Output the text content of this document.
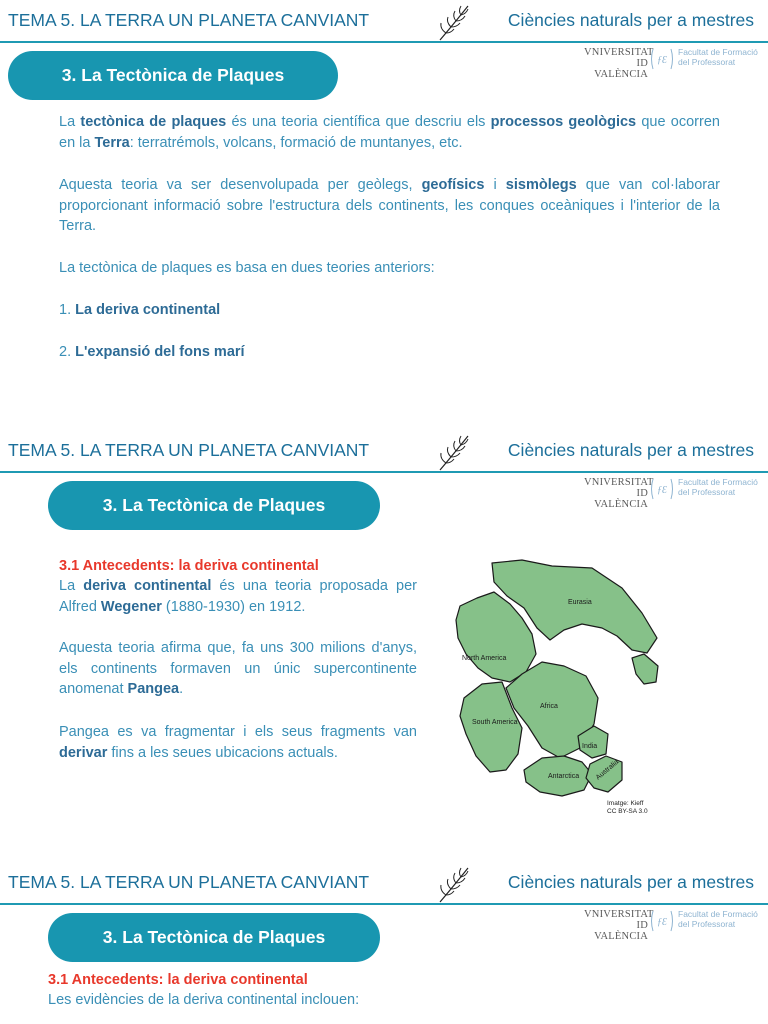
TEMA 5. LA TERRA UN PLANETA CANVIANT	Ciències naturals per a mestres
VNIVERSITAT
ID VALÈNCIA
ƒƐ
Facultat de Formació
del Professorat
3. La Tectònica de Plaques

La tectònica de plaques és una teoria científica que descriu els processos geològics que ocorren en la Terra: terratrémols, volcans, formació de muntanyes, etc.

Aquesta teoria va ser desenvolupada per geòlegs, geofísics i sismòlegs que van col·laborar proporcionant informació sobre l'estructura dels continents, les conques oceàniques i l'interior de la Terra.

La tectònica de plaques es basa en dues teories anteriors:

1. La deriva continental

2. L'expansió del fons marí

TEMA 5. LA TERRA UN PLANETA CANVIANT	Ciències naturals per a mestres
VNIVERSITAT
ID VALÈNCIA
ƒƐ
Facultat de Formació
del Professorat
3. La Tectònica de Plaques

3.1 Antecedents: la deriva continental

La deriva continental és una teoria proposada per Alfred Wegener (1880-1930) en 1912.

Aquesta teoria afirma que, fa uns 300 milions d'anys, els continents formaven un únic supercontinente anomenat Pangea.

Pangea es va fragmentar i els seus fragments van derivar fins a les seues ubicacions actuals.

Eurasia
North America
Africa
South America
India
Antarctica Australia
Imatge: Kieff
CC BY-SA 3.0
TEMA 5. LA TERRA UN PLANETA CANVIANT	Ciències naturals per a mestres
VNIVERSITAT
ID VALÈNCIA
ƒƐ
Facultat de Formació
del Professorat
3. La Tectònica de Plaques

3.1 Antecedents: la deriva continental

Les evidències de la deriva continental inclouen:
